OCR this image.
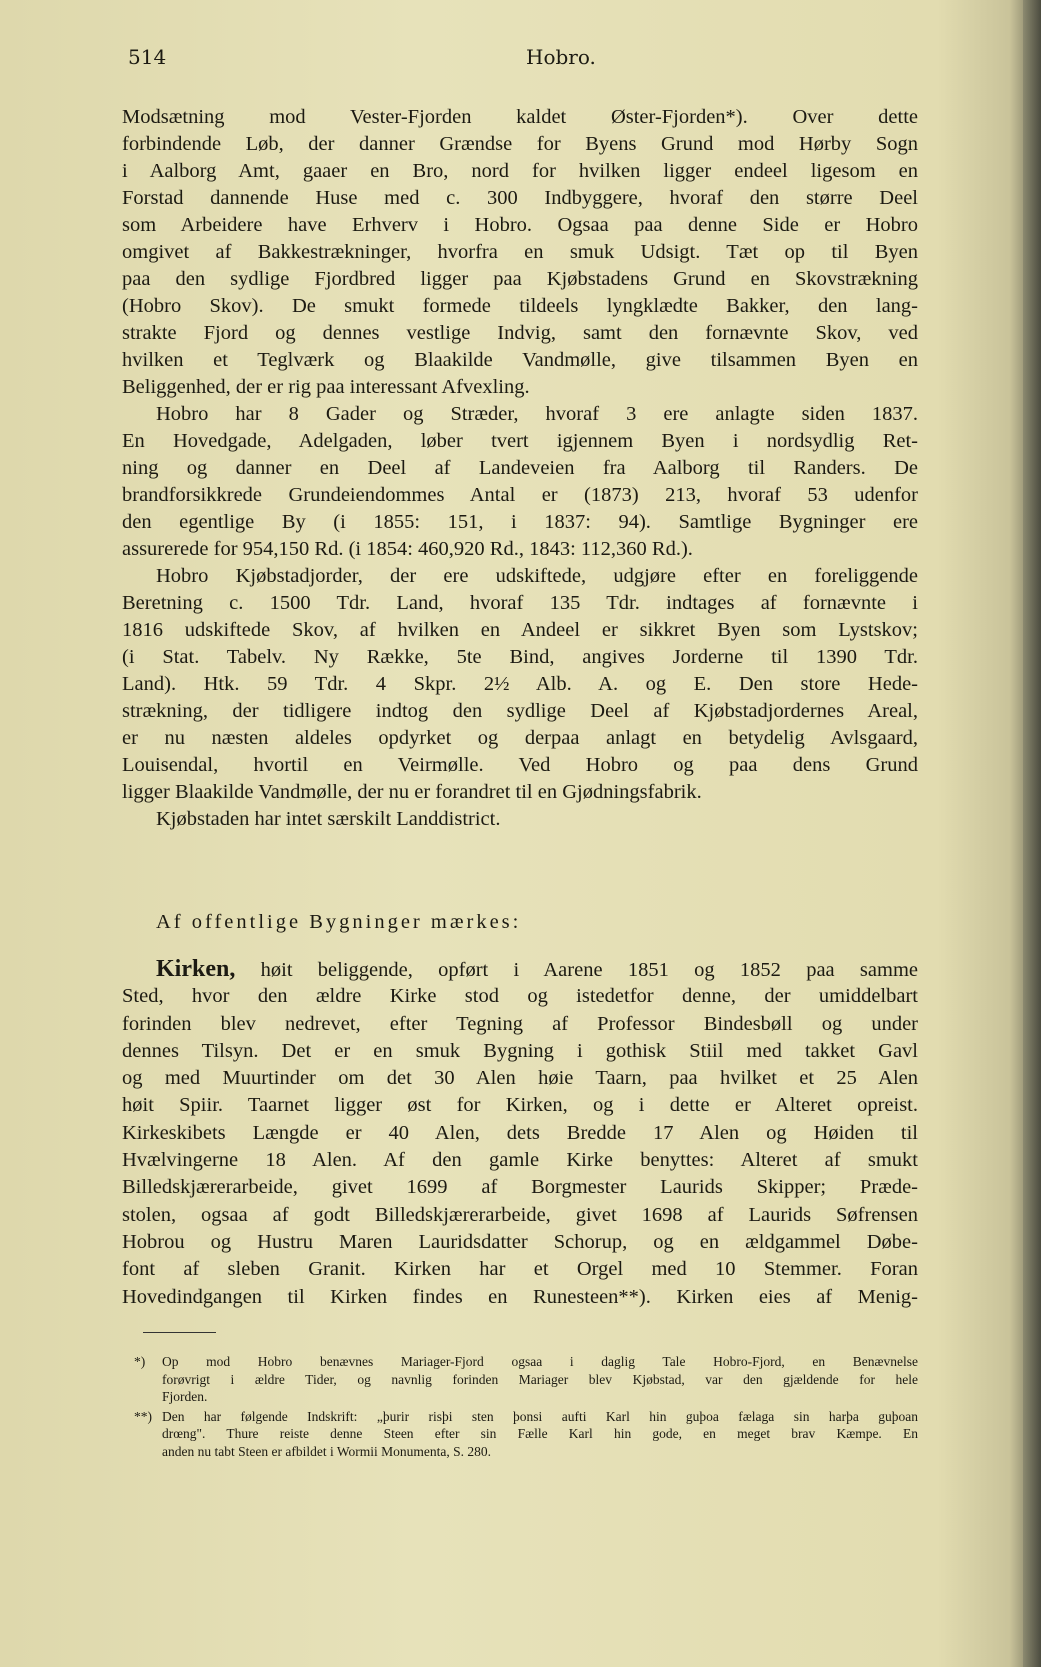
514	Hobro.
Modsætning mod Vester-Fjorden kaldet Øster-Fjorden*). Over dette
forbindende Løb, der danner Grændse for Byens Grund mod Hørby Sogn
i Aalborg Amt, gaaer en Bro, nord for hvilken ligger endeel ligesom en
Forstad dannende Huse med c. 300 Indbyggere, hvoraf den større Deel
som Arbeidere have Erhverv i Hobro. Ogsaa paa denne Side er Hobro
omgivet af Bakkestrækninger, hvorfra en smuk Udsigt. Tæt op til Byen
paa den sydlige Fjordbred ligger paa Kjøbstadens Grund en Skovstrækning
(Hobro Skov). De smukt formede tildeels lyngklædte Bakker, den lang-
strakte Fjord og dennes vestlige Indvig, samt den fornævnte Skov, ved
hvilken et Teglværk og Blaakilde Vandmølle, give tilsammen Byen en
Beliggenhed, der er rig paa interessant Afvexling.
Hobro har 8 Gader og Stræder, hvoraf 3 ere anlagte siden 1837.
En Hovedgade, Adelgaden, løber tvert igjennem Byen i nordsydlig Ret-
ning og danner en Deel af Landeveien fra Aalborg til Randers. De
brandforsikkrede Grundeiendommes Antal er (1873) 213, hvoraf 53 udenfor
den egentlige By (i 1855: 151, i 1837: 94). Samtlige Bygninger ere
assurerede for 954,150 Rd. (i 1854: 460,920 Rd., 1843: 112,360 Rd.).
Hobro Kjøbstadjorder, der ere udskiftede, udgjøre efter en foreliggende
Beretning c. 1500 Tdr. Land, hvoraf 135 Tdr. indtages af fornævnte i
1816 udskiftede Skov, af hvilken en Andeel er sikkret Byen som Lystskov;
(i Stat. Tabelv. Ny Række, 5te Bind, angives Jorderne til 1390 Tdr.
Land). Htk. 59 Tdr. 4 Skpr. 2½ Alb. A. og E. Den store Hede-
strækning, der tidligere indtog den sydlige Deel af Kjøbstadjordernes Areal,
er nu næsten aldeles opdyrket og derpaa anlagt en betydelig Avlsgaard,
Louisendal, hvortil en Veirmølle. Ved Hobro og paa dens Grund
ligger Blaakilde Vandmølle, der nu er forandret til en Gjødningsfabrik.
Kjøbstaden har intet særskilt Landdistrict.
Af offentlige Bygninger mærkes:
Kirken, høit beliggende, opført i Aarene 1851 og 1852 paa samme
Sted, hvor den ældre Kirke stod og istedetfor denne, der umiddelbart
forinden blev nedrevet, efter Tegning af Professor Bindesbøll og under
dennes Tilsyn. Det er en smuk Bygning i gothisk Stiil med takket Gavl
og med Muurtinder om det 30 Alen høie Taarn, paa hvilket et 25 Alen
høit Spiir. Taarnet ligger øst for Kirken, og i dette er Alteret opreist.
Kirkeskibets Længde er 40 Alen, dets Bredde 17 Alen og Høiden til
Hvælvingerne 18 Alen. Af den gamle Kirke benyttes: Alteret af smukt
Billedskjærerarbeide, givet 1699 af Borgmester Laurids Skipper; Præde-
stolen, ogsaa af godt Billedskjærerarbeide, givet 1698 af Laurids Søfrensen
Hobrou og Hustru Maren Lauridsdatter Schorup, og en ældgammel Døbe-
font af sleben Granit. Kirken har et Orgel med 10 Stemmer. Foran
Hovedindgangen til Kirken findes en Runesteen**). Kirken eies af Menig-
*) Op mod Hobro benævnes Mariager-Fjord ogsaa i daglig Tale Hobro-Fjord, en Benævnelse
forøvrigt i ældre Tider, og navnlig forinden Mariager blev Kjøbstad, var den gjældende for hele
Fjorden.
**) Den har følgende Indskrift: „þurir risþi sten þonsi aufti Karl hin guþoa fælaga sin harþa guþoan
drœng". Thure reiste denne Steen efter sin Fælle Karl hin gode, en meget brav Kæmpe. En
anden nu tabt Steen er afbildet i Wormii Monumenta, S. 280.
